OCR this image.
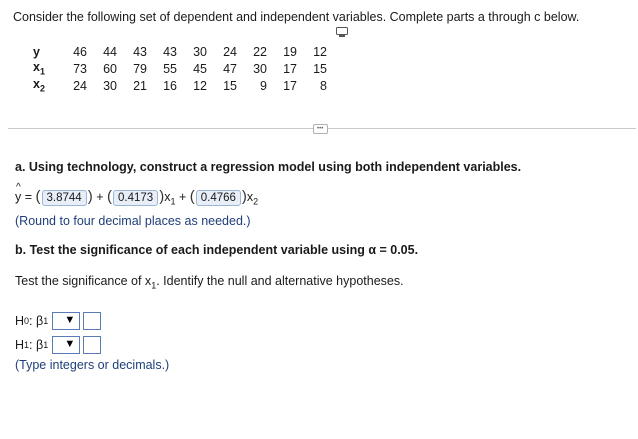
Consider the following set of dependent and independent variables. Complete parts a through c below.
y	46	44	43	43	30	24	22	19	12
$x_1$	73	60	79	55	45	47	30	17	15
$x_2$	24	30	21	16	12	15	9	17	8
•••
a. Using technology, construct a regression model using both independent variables.
^ y = ( 3.8744 ) + ( 0.4173 )$x_1$ + ( 0.4766 )$x_2$
(Round to four decimal places as needed.)
b. Test the significance of each independent variable using α = 0.05.
Test the significance of $x_1$. Identify the null and alternative hypotheses.
H 0 : β 1 ▼
H 1 : β 1 ▼
(Type integers or decimals.)
